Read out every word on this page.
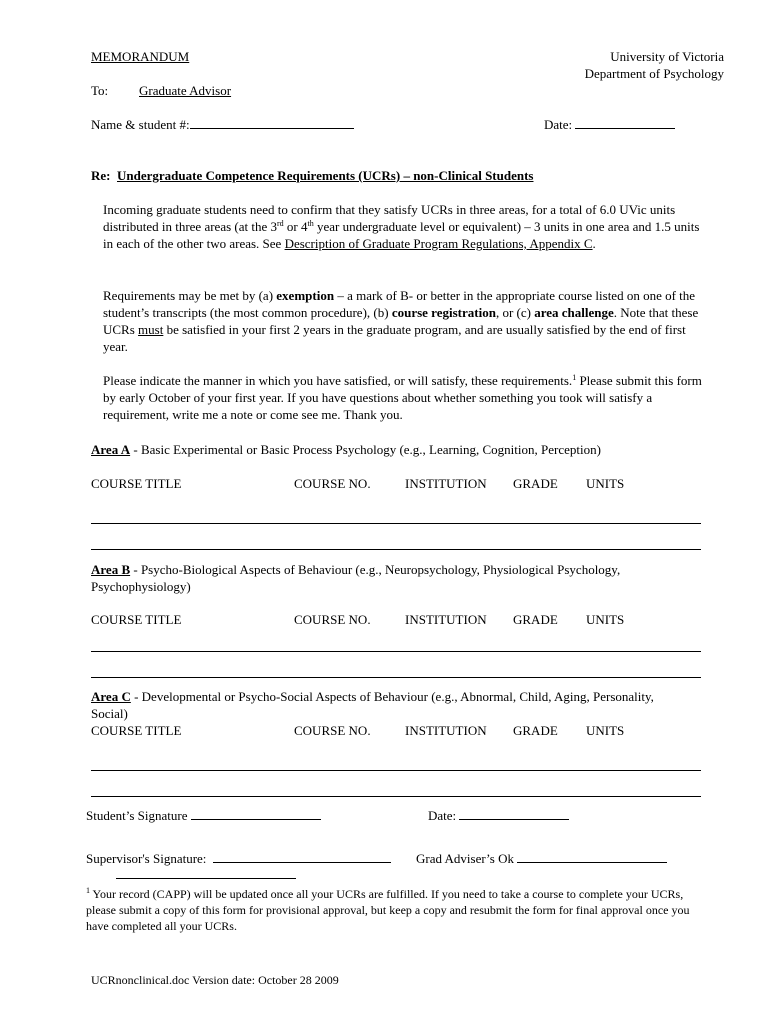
MEMORANDUM	University of Victoria
Department of Psychology
To: Graduate Advisor
Name & student #:	Date:
Re: Undergraduate Competence Requirements (UCRs) – non-Clinical Students
Incoming graduate students need to confirm that they satisfy UCRs in three areas, for a total of 6.0 UVic units distributed in three areas (at the 3rd or 4th year undergraduate level or equivalent) – 3 units in one area and 1.5 units in each of the other two areas. See Description of Graduate Program Regulations, Appendix C.
Requirements may be met by (a) exemption – a mark of B- or better in the appropriate course listed on one of the student’s transcripts (the most common procedure), (b) course registration, or (c) area challenge. Note that these UCRs must be satisfied in your first 2 years in the graduate program, and are usually satisfied by the end of first year.
Please indicate the manner in which you have satisfied, or will satisfy, these requirements.$^1$ Please submit this form by early October of your first year. If you have questions about whether something you took will satisfy a requirement, write me a note or come see me. Thank you.
Area A - Basic Experimental or Basic Process Psychology (e.g., Learning, Cognition, Perception)
COURSE TITLE	COURSE NO.	INSTITUTION GRADE UNITS
Area B - Psycho-Biological Aspects of Behaviour (e.g., Neuropsychology, Physiological Psychology, Psychophysiology)
COURSE TITLE	COURSE NO.	INSTITUTION GRADE UNITS
Area C - Developmental or Psycho-Social Aspects of Behaviour (e.g., Abnormal, Child, Aging, Personality, Social)
COURSE TITLE	COURSE NO.	INSTITUTION GRADE UNITS
Student’s Signature	Date:
Supervisor's Signature:	Grad Adviser’s Ok
$^1$ Your record (CAPP) will be updated once all your UCRs are fulfilled. If you need to take a course to complete your UCRs, please submit a copy of this form for provisional approval, but keep a copy and resubmit the form for final approval once you have completed all your UCRs.
UCRnonclinical.doc Version date: October 28 2009
